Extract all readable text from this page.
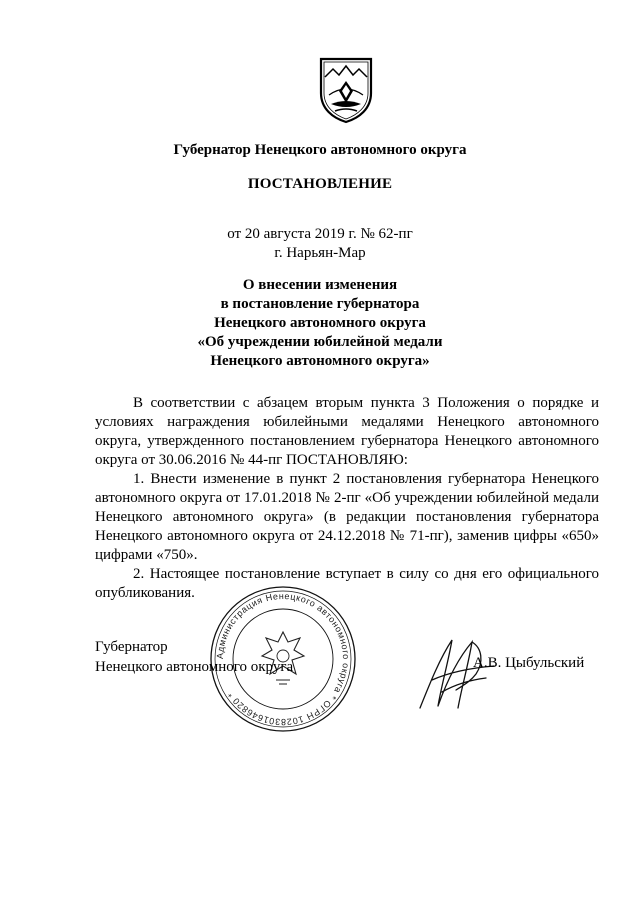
Губернатор Ненецкого автономного округа
ПОСТАНОВЛЕНИЕ
от 20 августа 2019 г. № 62-пг
г. Нарьян-Мар
О внесении изменения
в постановление губернатора
Ненецкого автономного округа
«Об учреждении юбилейной медали
Ненецкого автономного округа»

В соответствии с абзацем вторым пункта 3 Положения о порядке и условиях награждения юбилейными медалями Ненецкого автономного округа, утвержденного постановлением губернатора Ненецкого автономного округа от 30.06.2016 № 44-пг ПОСТАНОВЛЯЮ:

1. Внести изменение в пункт 2 постановления губернатора Ненецкого автономного округа от 17.01.2018 № 2-пг «Об учреждении юбилейной медали Ненецкого автономного округа» (в редакции постановления губернатора Ненецкого автономного округа от 24.12.2018 № 71-пг), заменив цифры «650» цифрами «750».

2. Настоящее постановление вступает в силу со дня его официального опубликования.

Администрация Ненецкого автономного округа * ОГРН 1028301646820 *
Губернатор
Ненецкого автономного округа	А.В. Цыбульский
